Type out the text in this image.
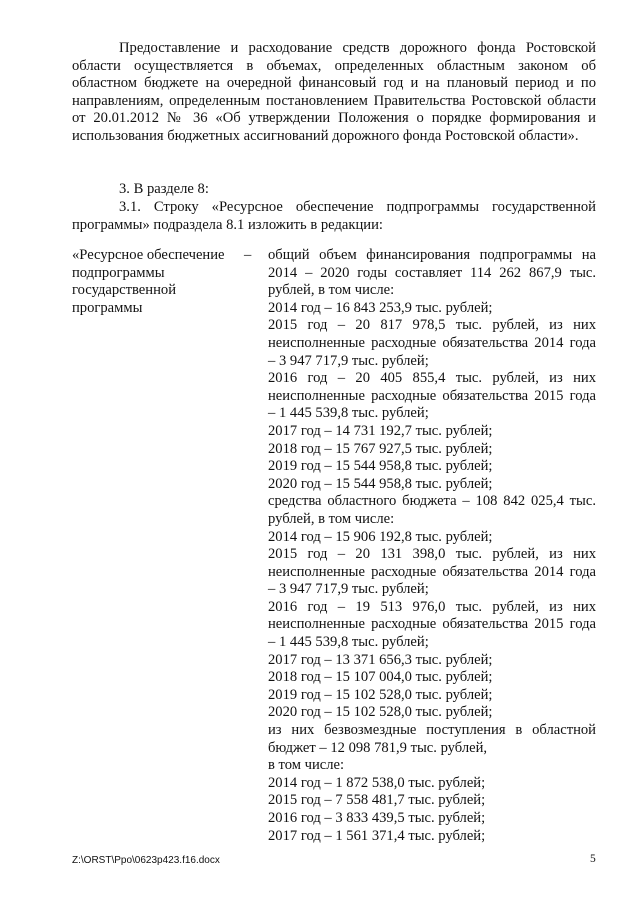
Предоставление и расходование средств дорожного фонда Ростовской области осуществляется в объемах, определенных областным законом об областном бюджете на очередной финансовый год и на плановый период и по направлениям, определенным постановлением Правительства Ростовской области от 20.01.2012 № 36 «Об утверждении Положения о порядке формирования и использования бюджетных ассигнований дорожного фонда Ростовской области».

3. В разделе 8:

3.1. Строку «Ресурсное обеспечение подпрограммы государственной программы» подраздела 8.1 изложить в редакции:

«Ресурсное обеспечение подпрограммы государственной программы
– общий объем финансирования подпрограммы на 2014 – 2020 годы составляет 114 262 867,9 тыс. рублей, в том числе:

2014 год – 16 843 253,9 тыс. рублей;

2015 год – 20 817 978,5 тыс. рублей, из них неисполненные расходные обязательства 2014 года – 3 947 717,9 тыс. рублей;

2016 год – 20 405 855,4 тыс. рублей, из них неисполненные расходные обязательства 2015 года – 1 445 539,8 тыс. рублей;

2017 год – 14 731 192,7 тыс. рублей;

2018 год – 15 767 927,5 тыс. рублей;

2019 год – 15 544 958,8 тыс. рублей;

2020 год – 15 544 958,8 тыс. рублей;

средства областного бюджета – 108 842 025,4 тыс. рублей, в том числе:

2014 год – 15 906 192,8 тыс. рублей;

2015 год – 20 131 398,0 тыс. рублей, из них неисполненные расходные обязательства 2014 года – 3 947 717,9 тыс. рублей;

2016 год – 19 513 976,0 тыс. рублей, из них неисполненные расходные обязательства 2015 года – 1 445 539,8 тыс. рублей;

2017 год – 13 371 656,3 тыс. рублей;

2018 год – 15 107 004,0 тыс. рублей;

2019 год – 15 102 528,0 тыс. рублей;

2020 год – 15 102 528,0 тыс. рублей;

из них безвозмездные поступления в областной бюджет – 12 098 781,9 тыс. рублей,

в том числе:

2014 год – 1 872 538,0 тыс. рублей;

2015 год – 7 558 481,7 тыс. рублей;

2016 год – 3 833 439,5 тыс. рублей;

2017 год – 1 561 371,4 тыс. рублей;

Z:\ORST\Ppo\0623p423.f16.docx	5
